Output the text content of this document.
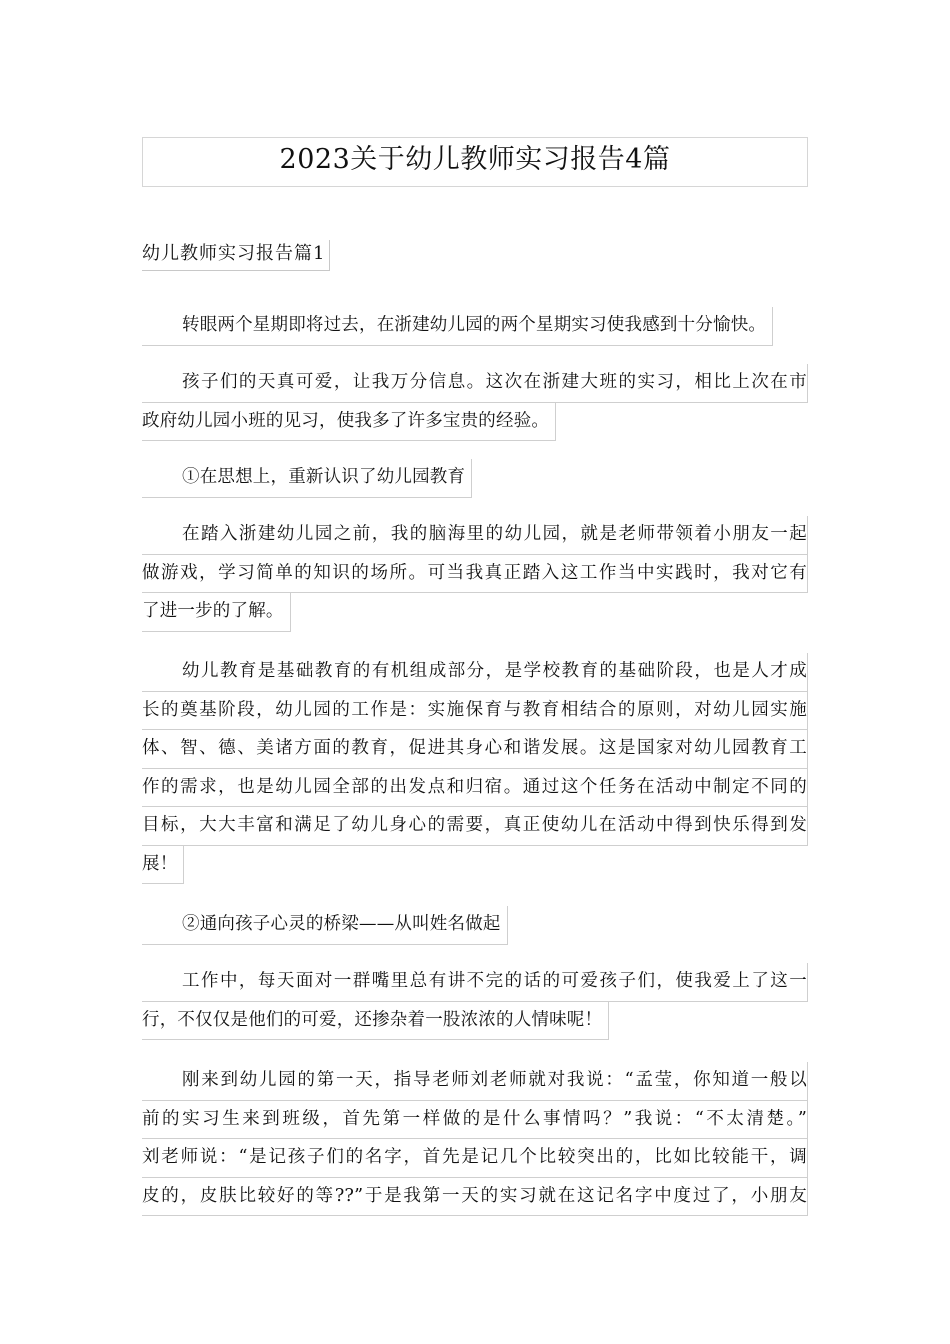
2023关于幼儿教师实习报告4篇
幼儿教师实习报告篇1
转眼两个星期即将过去，在浙建幼儿园的两个星期实习使我感到十分愉快。
孩子们的天真可爱，让我万分信息。这次在浙建大班的实习，相比上次在市
政府幼儿园小班的见习，使我多了许多宝贵的经验。
①在思想上，重新认识了幼儿园教育
在踏入浙建幼儿园之前，我的脑海里的幼儿园，就是老师带领着小朋友一起
做游戏，学习简单的知识的场所。可当我真正踏入这工作当中实践时，我对它有
了进一步的了解。
幼儿教育是基础教育的有机组成部分，是学校教育的基础阶段，也是人才成
长的奠基阶段，幼儿园的工作是：实施保育与教育相结合的原则，对幼儿园实施
体、智、德、美诸方面的教育，促进其身心和谐发展。这是国家对幼儿园教育工
作的需求，也是幼儿园全部的出发点和归宿。通过这个任务在活动中制定不同的
目标，大大丰富和满足了幼儿身心的需要，真正使幼儿在活动中得到快乐得到发
展！
②通向孩子心灵的桥梁——从叫姓名做起
工作中，每天面对一群嘴里总有讲不完的话的可爱孩子们，使我爱上了这一
行，不仅仅是他们的可爱，还掺杂着一股浓浓的人情味呢！
刚来到幼儿园的第一天，指导老师刘老师就对我说：“孟莹，你知道一般以
前的实习生来到班级，首先第一样做的是什么事情吗？”我说：“不太清楚。”
刘老师说：“是记孩子们的名字，首先是记几个比较突出的，比如比较能干，调
皮的，皮肤比较好的等??”于是我第一天的实习就在这记名字中度过了，小朋友
